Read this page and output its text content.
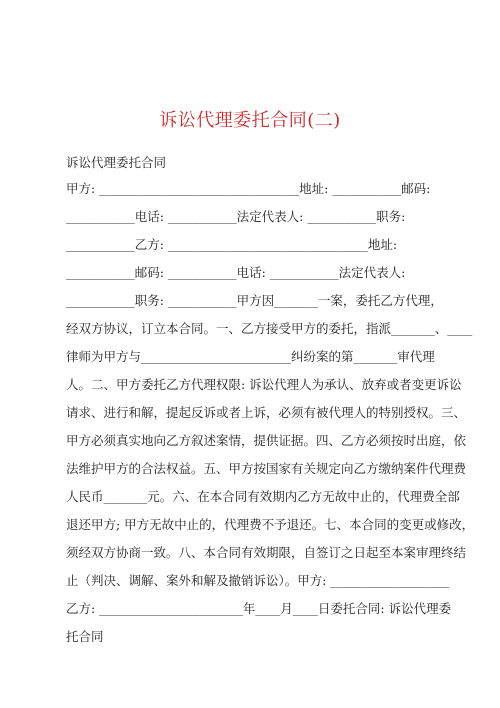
诉讼代理委托合同(二)
诉讼代理委托合同
甲方: ________________________________地址: ___________邮码:
___________电话: ___________法定代表人: ___________职务:
___________乙方: ________________________________地址:
___________邮码: ___________电话: ___________法定代表人:
___________职务: ___________甲方因_______一案，委托乙方代理，
经双方协议，订立本合同。一、乙方接受甲方的委托，指派_______、____
律师为甲方与________________________纠纷案的第_______审代理
人。二、甲方委托乙方代理权限: 诉讼代理人为承认、放弃或者变更诉讼
请求、进行和解，提起反诉或者上诉，必须有被代理人的特别授权。三、
甲方必须真实地向乙方叙述案情，提供证据。四、乙方必须按时出庭，依
法维护甲方的合法权益。五、甲方按国家有关规定向乙方缴纳案件代理费
人民币_______元。六、在本合同有效期内乙方无故中止的，代理费全部
退还甲方; 甲方无故中止的，代理费不予退还。七、本合同的变更或修改，
须经双方协商一致。八、本合同有效期限，自签订之日起至本案审理终结
止（判决、调解、案外和解及撤销诉讼）。甲方: ___________________
乙方: _______________________年____月____日委托合同: 诉讼代理委
托合同
